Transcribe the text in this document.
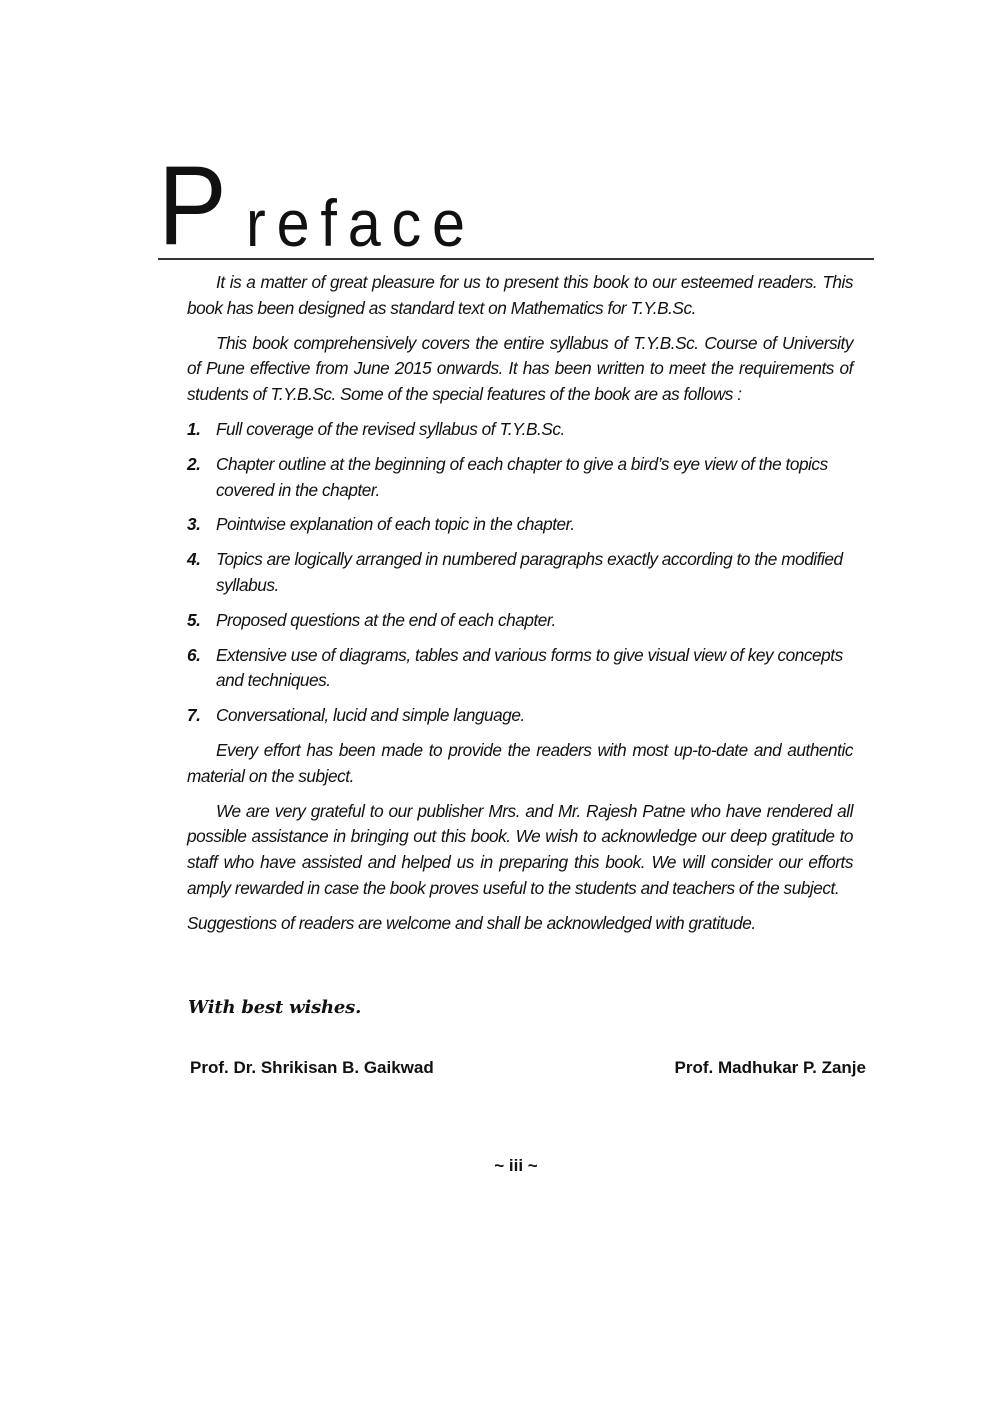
P reface

It is a matter of great pleasure for us to present this book to our esteemed readers. This book has been designed as standard text on Mathematics for T.Y.B.Sc.

This book comprehensively covers the entire syllabus of T.Y.B.Sc. Course of University of Pune effective from June 2015 onwards. It has been written to meet the requirements of students of T.Y.B.Sc. Some of the special features of the book are as follows :

1. Full coverage of the revised syllabus of T.Y.B.Sc.
2. Chapter outline at the beginning of each chapter to give a bird’s eye view of the topics covered in the chapter.
3. Pointwise explanation of each topic in the chapter.
4. Topics are logically arranged in numbered paragraphs exactly according to the modified syllabus.
5. Proposed questions at the end of each chapter.
6. Extensive use of diagrams, tables and various forms to give visual view of key concepts and techniques.
7. Conversational, lucid and simple language.

Every effort has been made to provide the readers with most up-to-date and authentic material on the subject.

We are very grateful to our publisher Mrs. and Mr. Rajesh Patne who have rendered all possible assistance in bringing out this book. We wish to acknowledge our deep gratitude to staff who have assisted and helped us in preparing this book. We will consider our efforts amply rewarded in case the book proves useful to the students and teachers of the subject.

Suggestions of readers are welcome and shall be acknowledged with gratitude.

With best wishes.
Prof. Dr. Shrikisan B. Gaikwad	Prof. Madhukar P. Zanje
~ iii ~
